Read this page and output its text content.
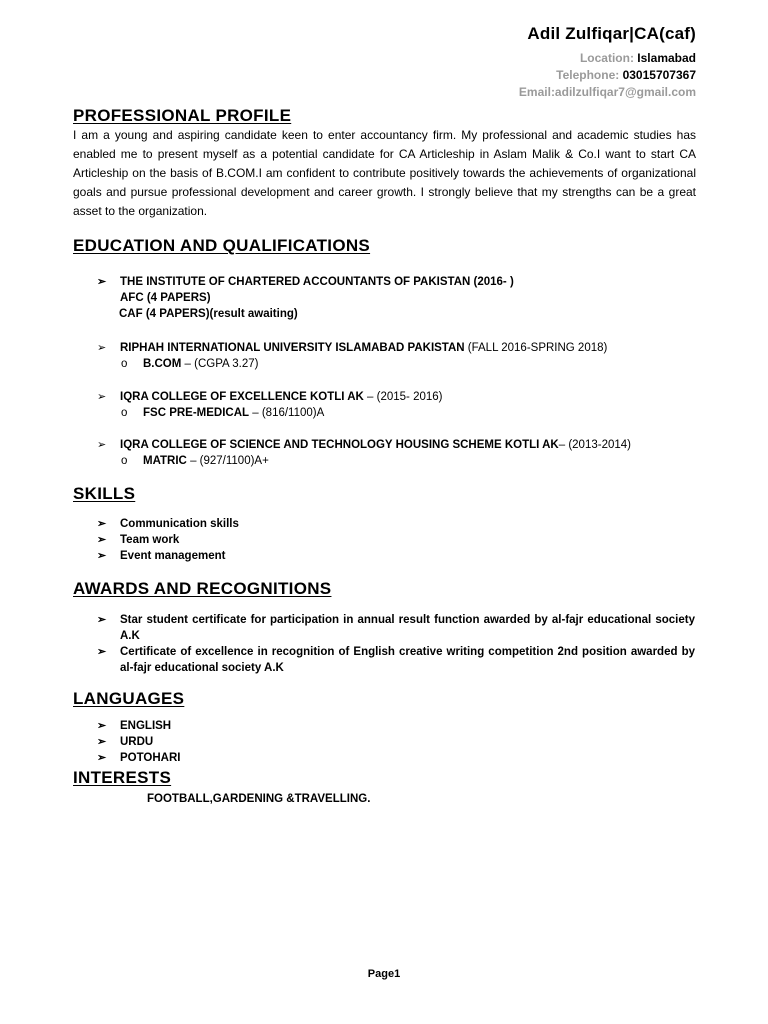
Adil Zulfiqar|CA(caf)
Location: Islamabad
Telephone: 03015707367
Email:adilzulfiqar7@gmail.com
PROFESSIONAL PROFILE
I am a young and aspiring candidate keen to enter accountancy firm. My professional and academic studies has enabled me to present myself as a potential candidate for CA Articleship in Aslam Malik & Co.I want to start CA Articleship on the basis of B.COM.I am confident to contribute positively towards the achievements of organizational goals and pursue professional development and career growth. I strongly believe that my strengths can be a great asset to the organization.
EDUCATION AND QUALIFICATIONS
➢ THE INSTITUTE OF CHARTERED ACCOUNTANTS OF PAKISTAN (2016- )
AFC (4 PAPERS)
CAF (4 PAPERS)(result awaiting)
➢ RIPHAH INTERNATIONAL UNIVERSITY ISLAMABAD PAKISTAN (FALL 2016-SPRING 2018)
o B.COM – (CGPA 3.27)
➢ IQRA COLLEGE OF EXCELLENCE KOTLI AK – (2015- 2016)
o FSC PRE-MEDICAL – (816/1100)A
➢ IQRA COLLEGE OF SCIENCE AND TECHNOLOGY HOUSING SCHEME KOTLI AK– (2013-2014)
o MATRIC – (927/1100)A+
SKILLS
➢ Communication skills
➢ Team work
➢ Event management
AWARDS AND RECOGNITIONS
➢ Star student certificate for participation in annual result function awarded by al-fajr educational society A.K
➢ Certificate of excellence in recognition of English creative writing competition 2nd position awarded by al-fajr educational society A.K
LANGUAGES
➢ ENGLISH
➢ URDU
➢ POTOHARI
INTERESTS
FOOTBALL,GARDENING &TRAVELLING.
Page1
